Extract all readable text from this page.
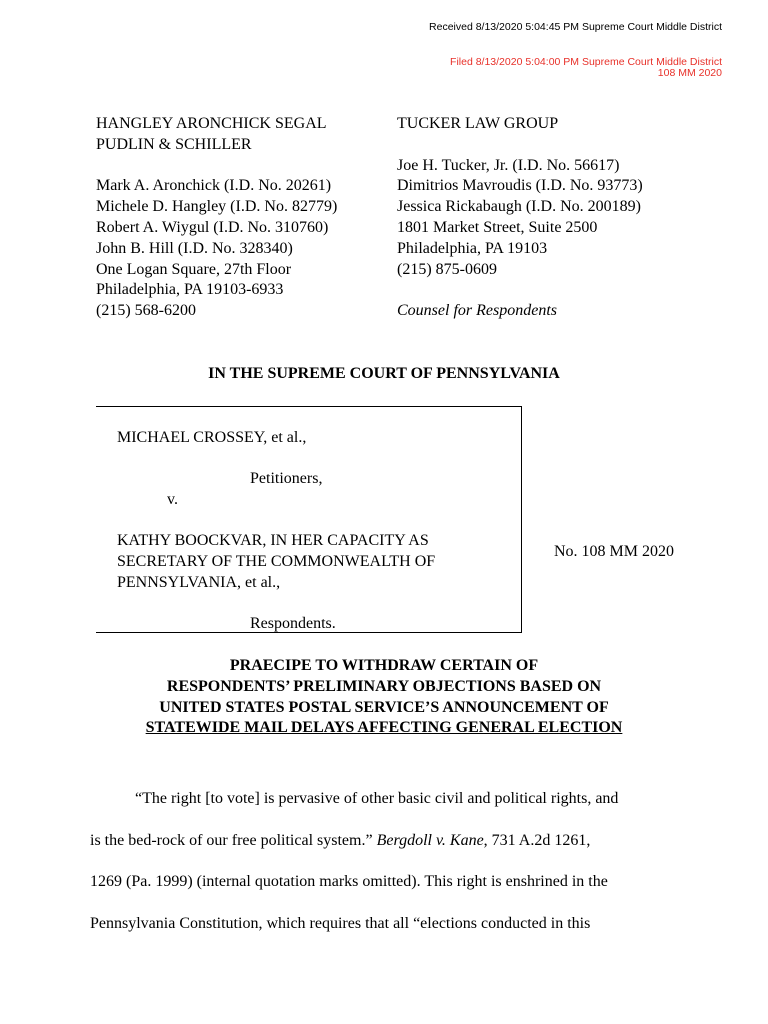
Received 8/13/2020 5:04:45 PM Supreme Court Middle District
Filed 8/13/2020 5:04:00 PM Supreme Court Middle District
108 MM 2020
HANGLEY ARONCHICK SEGAL
PUDLIN & SCHILLER
Mark A. Aronchick (I.D. No. 20261)
Michele D. Hangley (I.D. No. 82779)
Robert A. Wiygul (I.D. No. 310760)
John B. Hill (I.D. No. 328340)
One Logan Square, 27th Floor
Philadelphia, PA 19103-6933
(215) 568-6200
TUCKER LAW GROUP
Joe H. Tucker, Jr. (I.D. No. 56617)
Dimitrios Mavroudis (I.D. No. 93773)
Jessica Rickabaugh (I.D. No. 200189)
1801 Market Street, Suite 2500
Philadelphia, PA 19103
(215) 875-0609
Counsel for Respondents
IN THE SUPREME COURT OF PENNSYLVANIA
MICHAEL CROSSEY, et al.,
Petitioners,
v.
KATHY BOOCKVAR, IN HER CAPACITY AS
SECRETARY OF THE COMMONWEALTH OF
PENNSYLVANIA, et al.,
Respondents.
No. 108 MM 2020
PRAECIPE TO WITHDRAW CERTAIN OF
RESPONDENTS’ PRELIMINARY OBJECTIONS BASED ON
UNITED STATES POSTAL SERVICE’S ANNOUNCEMENT OF
STATEWIDE MAIL DELAYS AFFECTING GENERAL ELECTION
“The right [to vote] is pervasive of other basic civil and political rights, and
is the bed-rock of our free political system.” Bergdoll v. Kane, 731 A.2d 1261,
1269 (Pa. 1999) (internal quotation marks omitted). This right is enshrined in the
Pennsylvania Constitution, which requires that all “elections conducted in this
